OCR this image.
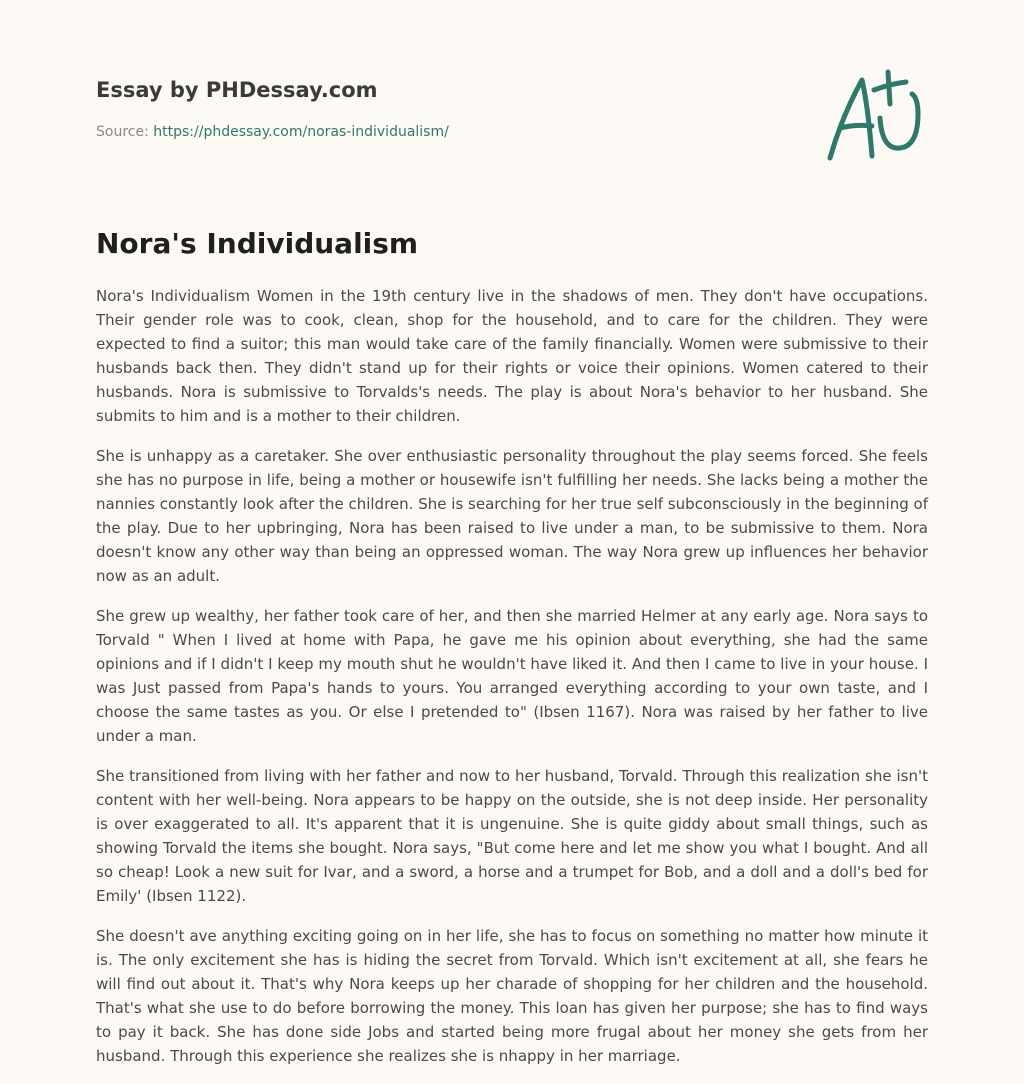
Essay by PHDessay.com
Source: https://phdessay.com/noras-individualism/
Nora's Individualism

Nora's Individualism Women in the 19th century live in the shadows of men. They don't have occupations. Their gender role was to cook, clean, shop for the household, and to care for the children. They were expected to find a suitor; this man would take care of the family financially. Women were submissive to their husbands back then. They didn't stand up for their rights or voice their opinions. Women catered to their husbands. Nora is submissive to Torvalds's needs. The play is about Nora's behavior to her husband. She submits to him and is a mother to their children.

She is unhappy as a caretaker. She over enthusiastic personality throughout the play seems forced. She feels she has no purpose in life, being a mother or housewife isn't fulfilling her needs. She lacks being a mother the nannies constantly look after the children. She is searching for her true self subconsciously in the beginning of the play. Due to her upbringing, Nora has been raised to live under a man, to be submissive to them. Nora doesn't know any other way than being an oppressed woman. The way Nora grew up influences her behavior now as an adult.

She grew up wealthy, her father took care of her, and then she married Helmer at any early age. Nora says to Torvald " When I lived at home with Papa, he gave me his opinion about everything, she had the same opinions and if I didn't I keep my mouth shut he wouldn't have liked it. And then I came to live in your house. I was Just passed from Papa's hands to yours. You arranged everything according to your own taste, and I choose the same tastes as you. Or else I pretended to" (Ibsen 1167). Nora was raised by her father to live under a man.

She transitioned from living with her father and now to her husband, Torvald. Through this realization she isn't content with her well-being. Nora appears to be happy on the outside, she is not deep inside. Her personality is over exaggerated to all. It's apparent that it is ungenuine. She is quite giddy about small things, such as showing Torvald the items she bought. Nora says, "But come here and let me show you what I bought. And all so cheap! Look a new suit for Ivar, and a sword, a horse and a trumpet for Bob, and a doll and a doll's bed for Emily' (Ibsen 1122).

She doesn't ave anything exciting going on in her life, she has to focus on something no matter how minute it is. The only excitement she has is hiding the secret from Torvald. Which isn't excitement at all, she fears he will find out about it. That's why Nora keeps up her charade of shopping for her children and the household. That's what she use to do before borrowing the money. This loan has given her purpose; she has to find ways to pay it back. She has done side Jobs and started being more frugal about her money she gets from her husband. Through this experience she realizes she is nhappy in her marriage.
